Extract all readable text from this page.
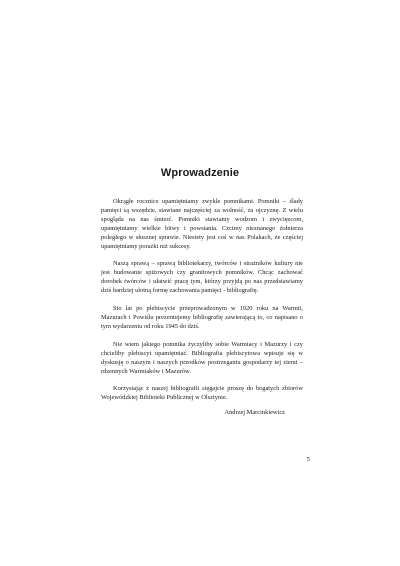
Wprowadzenie

Okrągłe rocznice upamiętniamy zwykle pomnikami. Pomniki – ślady pamięci są wszędzie, stawiane najczęściej za wolność, za ojczyznę. Z wielu spogląda na nas śmierć. Pomniki stawiamy wodzom i zwycięzcom, upamiętniamy wielkie bitwy i powstania. Czcimy nieznanego żołnierza poległego w słusznej sprawie. Niestety jest coś w nas Polakach, że częściej upamiętniamy porażki niż sukcesy.

Naszą sprawą – sprawą bibliotekarzy, twórców i strażników kultury nie jest budowanie spiżowych czy granitowych pomników. Chcąc zachować dorobek twórców i ułatwić pracę tym, którzy przyjdą po nas przedstawiamy dziś bardziej ulotną formę zachowania pamięci - bibliografię.

Sto lat po plebiscycie przeprowadzonym w 1920 roku na Warmii, Mazurach i Powiślu prezentujemy bibliografię zawierającą to, co napisano o tym wydarzeniu od roku 1945 do dziś.

Nie wiem jakiego pomnika życzyliby sobie Warmiacy i Mazurzy i czy chcieliby plebiscyt upamiętniać. Bibliografia plebiscytowa wpisuje się w dyskusję o naszym i naszych przodków postrzeganiu gospodarzy tej ziemi – rdzennych Warmiaków i Mazurów.

Korzystając z naszej bibliografii sięgajcie proszę do bogatych zbiorów Wojewódzkiej Biblioteki Publicznej w Olsztynie.

Andrzej Marcinkiewicz

5
